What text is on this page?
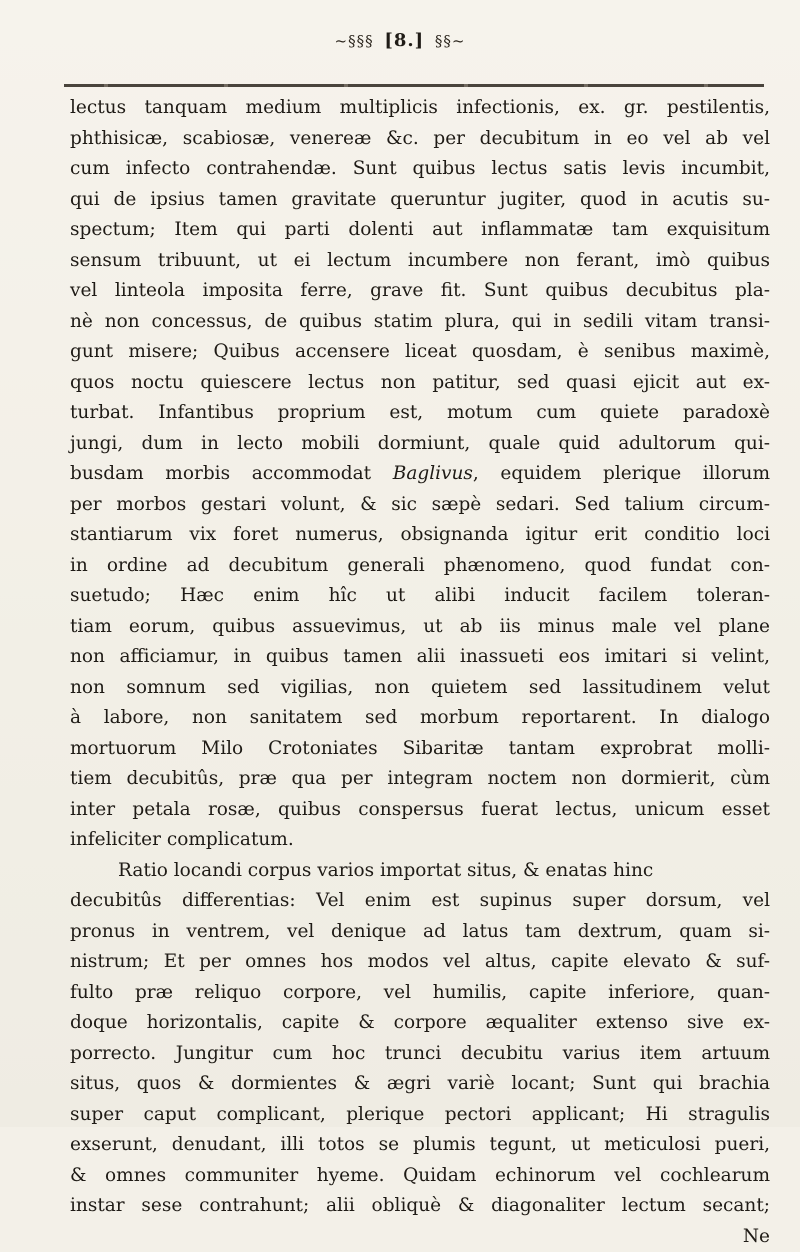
~§§§ [8.] §§~
lectus tanquam medium multiplicis infectionis, ex. gr. pestilentis,
phthisicæ, scabiosæ, venereæ &c. per decubitum in eo vel ab vel
cum infecto contrahendæ. Sunt quibus lectus satis levis incumbit,
qui de ipsius tamen gravitate queruntur jugiter, quod in acutis su-
spectum; Item qui parti dolenti aut inflammatæ tam exquisitum
sensum tribuunt, ut ei lectum incumbere non ferant, imò quibus
vel linteola imposita ferre, grave fit. Sunt quibus decubitus pla-
nè non concessus, de quibus statim plura, qui in sedili vitam transi-
gunt misere; Quibus accensere liceat quosdam, è senibus maximè,
quos noctu quiescere lectus non patitur, sed quasi ejicit aut ex-
turbat. Infantibus proprium est, motum cum quiete paradoxè
jungi, dum in lecto mobili dormiunt, quale quid adultorum qui-
busdam morbis accommodat Baglivus, equidem plerique illorum
per morbos gestari volunt, & sic sæpè sedari. Sed talium circum-
stantiarum vix foret numerus, obsignanda igitur erit conditio loci
in ordine ad decubitum generali phænomeno, quod fundat con-
suetudo; Hæc enim hîc ut alibi inducit facilem toleran-
tiam eorum, quibus assuevimus, ut ab iis minus male vel plane
non afficiamur, in quibus tamen alii inassueti eos imitari si velint,
non somnum sed vigilias, non quietem sed lassitudinem velut
à labore, non sanitatem sed morbum reportarent. In dialogo
mortuorum Milo Crotoniates Sibaritæ tantam exprobrat molli-
tiem decubitûs, præ qua per integram noctem non dormierit, cùm
inter petala rosæ, quibus conspersus fuerat lectus, unicum esset
infeliciter complicatum.
Ratio locandi corpus varios importat situs, & enatas hinc
decubitûs differentias: Vel enim est supinus super dorsum, vel
pronus in ventrem, vel denique ad latus tam dextrum, quam si-
nistrum; Et per omnes hos modos vel altus, capite elevato & suf-
fulto præ reliquo corpore, vel humilis, capite inferiore, quan-
doque horizontalis, capite & corpore æqualiter extenso sive ex-
porrecto. Jungitur cum hoc trunci decubitu varius item artuum
situs, quos & dormientes & ægri variè locant; Sunt qui brachia
super caput complicant, plerique pectori applicant; Hi stragulis
exserunt, denudant, illi totos se plumis tegunt, ut meticulosi pueri,
& omnes communiter hyeme. Quidam echinorum vel cochlearum
instar sese contrahunt; alii obliquè & diagonaliter lectum secant;
Ne
